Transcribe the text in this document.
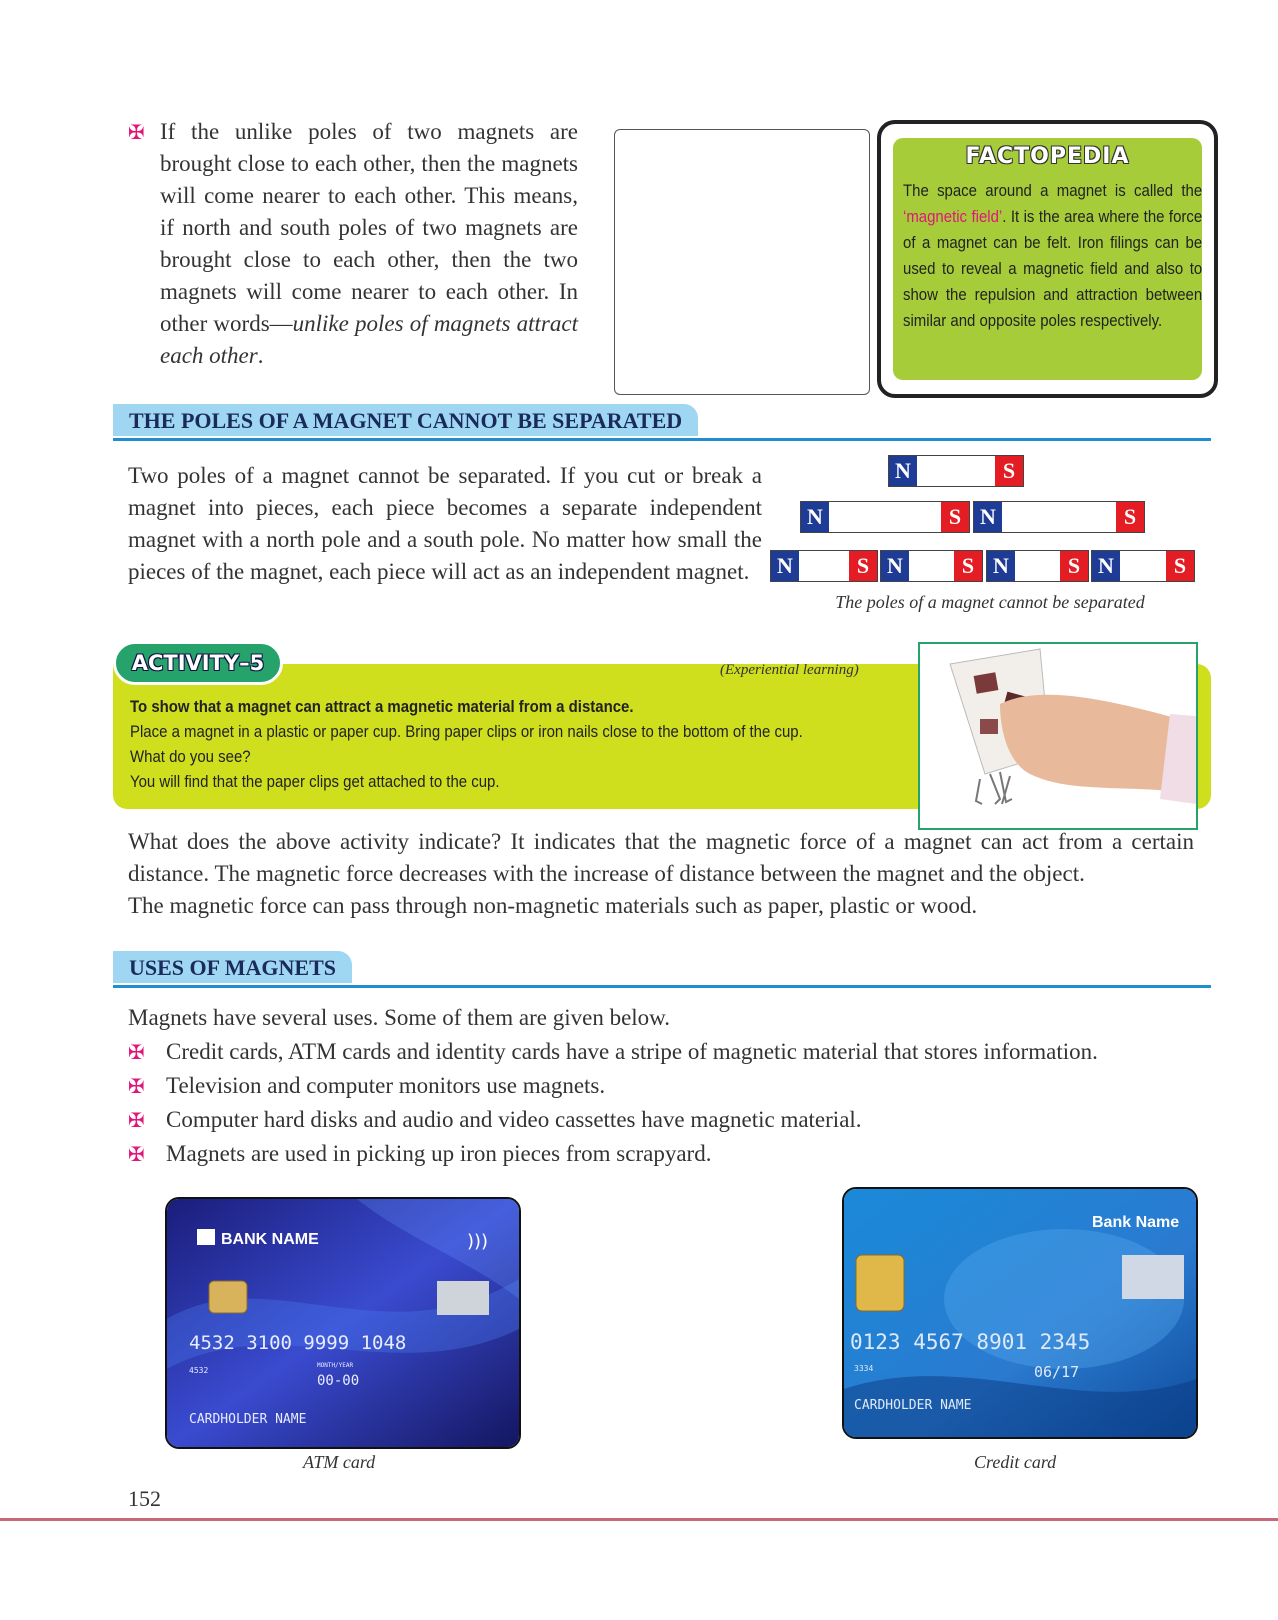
✠ If the unlike poles of two magnets are brought close to each other, then the magnets will come nearer to each other. This means, if north and south poles of two magnets are brought close to each other, then the two magnets will come nearer to each other. In other words—unlike poles of magnets attract each other.
FACTOPEDIA
The space around a magnet is called the ‘magnetic field’. It is the area where the force of a magnet can be felt. Iron filings can be used to reveal a magnetic field and also to show the repulsion and attraction between similar and opposite poles respectively.
THE POLES OF A MAGNET CANNOT BE SEPARATED
Two poles of a magnet cannot be separated. If you cut or break a magnet into pieces, each piece becomes a separate independent magnet with a north pole and a south pole. No matter how small the pieces of the magnet, each piece will act as an independent magnet.
N	S
N	S N	S
N	S N	S N	S N	S
The poles of a magnet cannot be separated
ACTIVITY–5	(Experiential learning)
To show that a magnet can attract a magnetic material from a distance.
Place a magnet in a plastic or paper cup. Bring paper clips or iron nails close to the bottom of the cup.
What do you see?
You will find that the paper clips get attached to the cup.

What does the above activity indicate? It indicates that the magnetic force of a magnet can act from a certain distance. The magnetic force decreases with the increase of distance between the magnet and the object.

The magnetic force can pass through non-magnetic materials such as paper, plastic or wood.

USES OF MAGNETS
Magnets have several uses. Some of them are given below.
✠ Credit cards, ATM cards and identity cards have a stripe of magnetic material that stores information.
✠ Television and computer monitors use magnets.
✠ Computer hard disks and audio and video cassettes have magnetic material.
✠ Magnets are used in picking up iron pieces from scrapyard.
BANK NAME	)))
4532 3100 9999 1048
4532
MONTH/YEAR
00-00
CARDHOLDER NAME
ATM card
Bank Name
0123 4567 8901 2345
3334	06/17
CARDHOLDER NAME
Credit card
152
